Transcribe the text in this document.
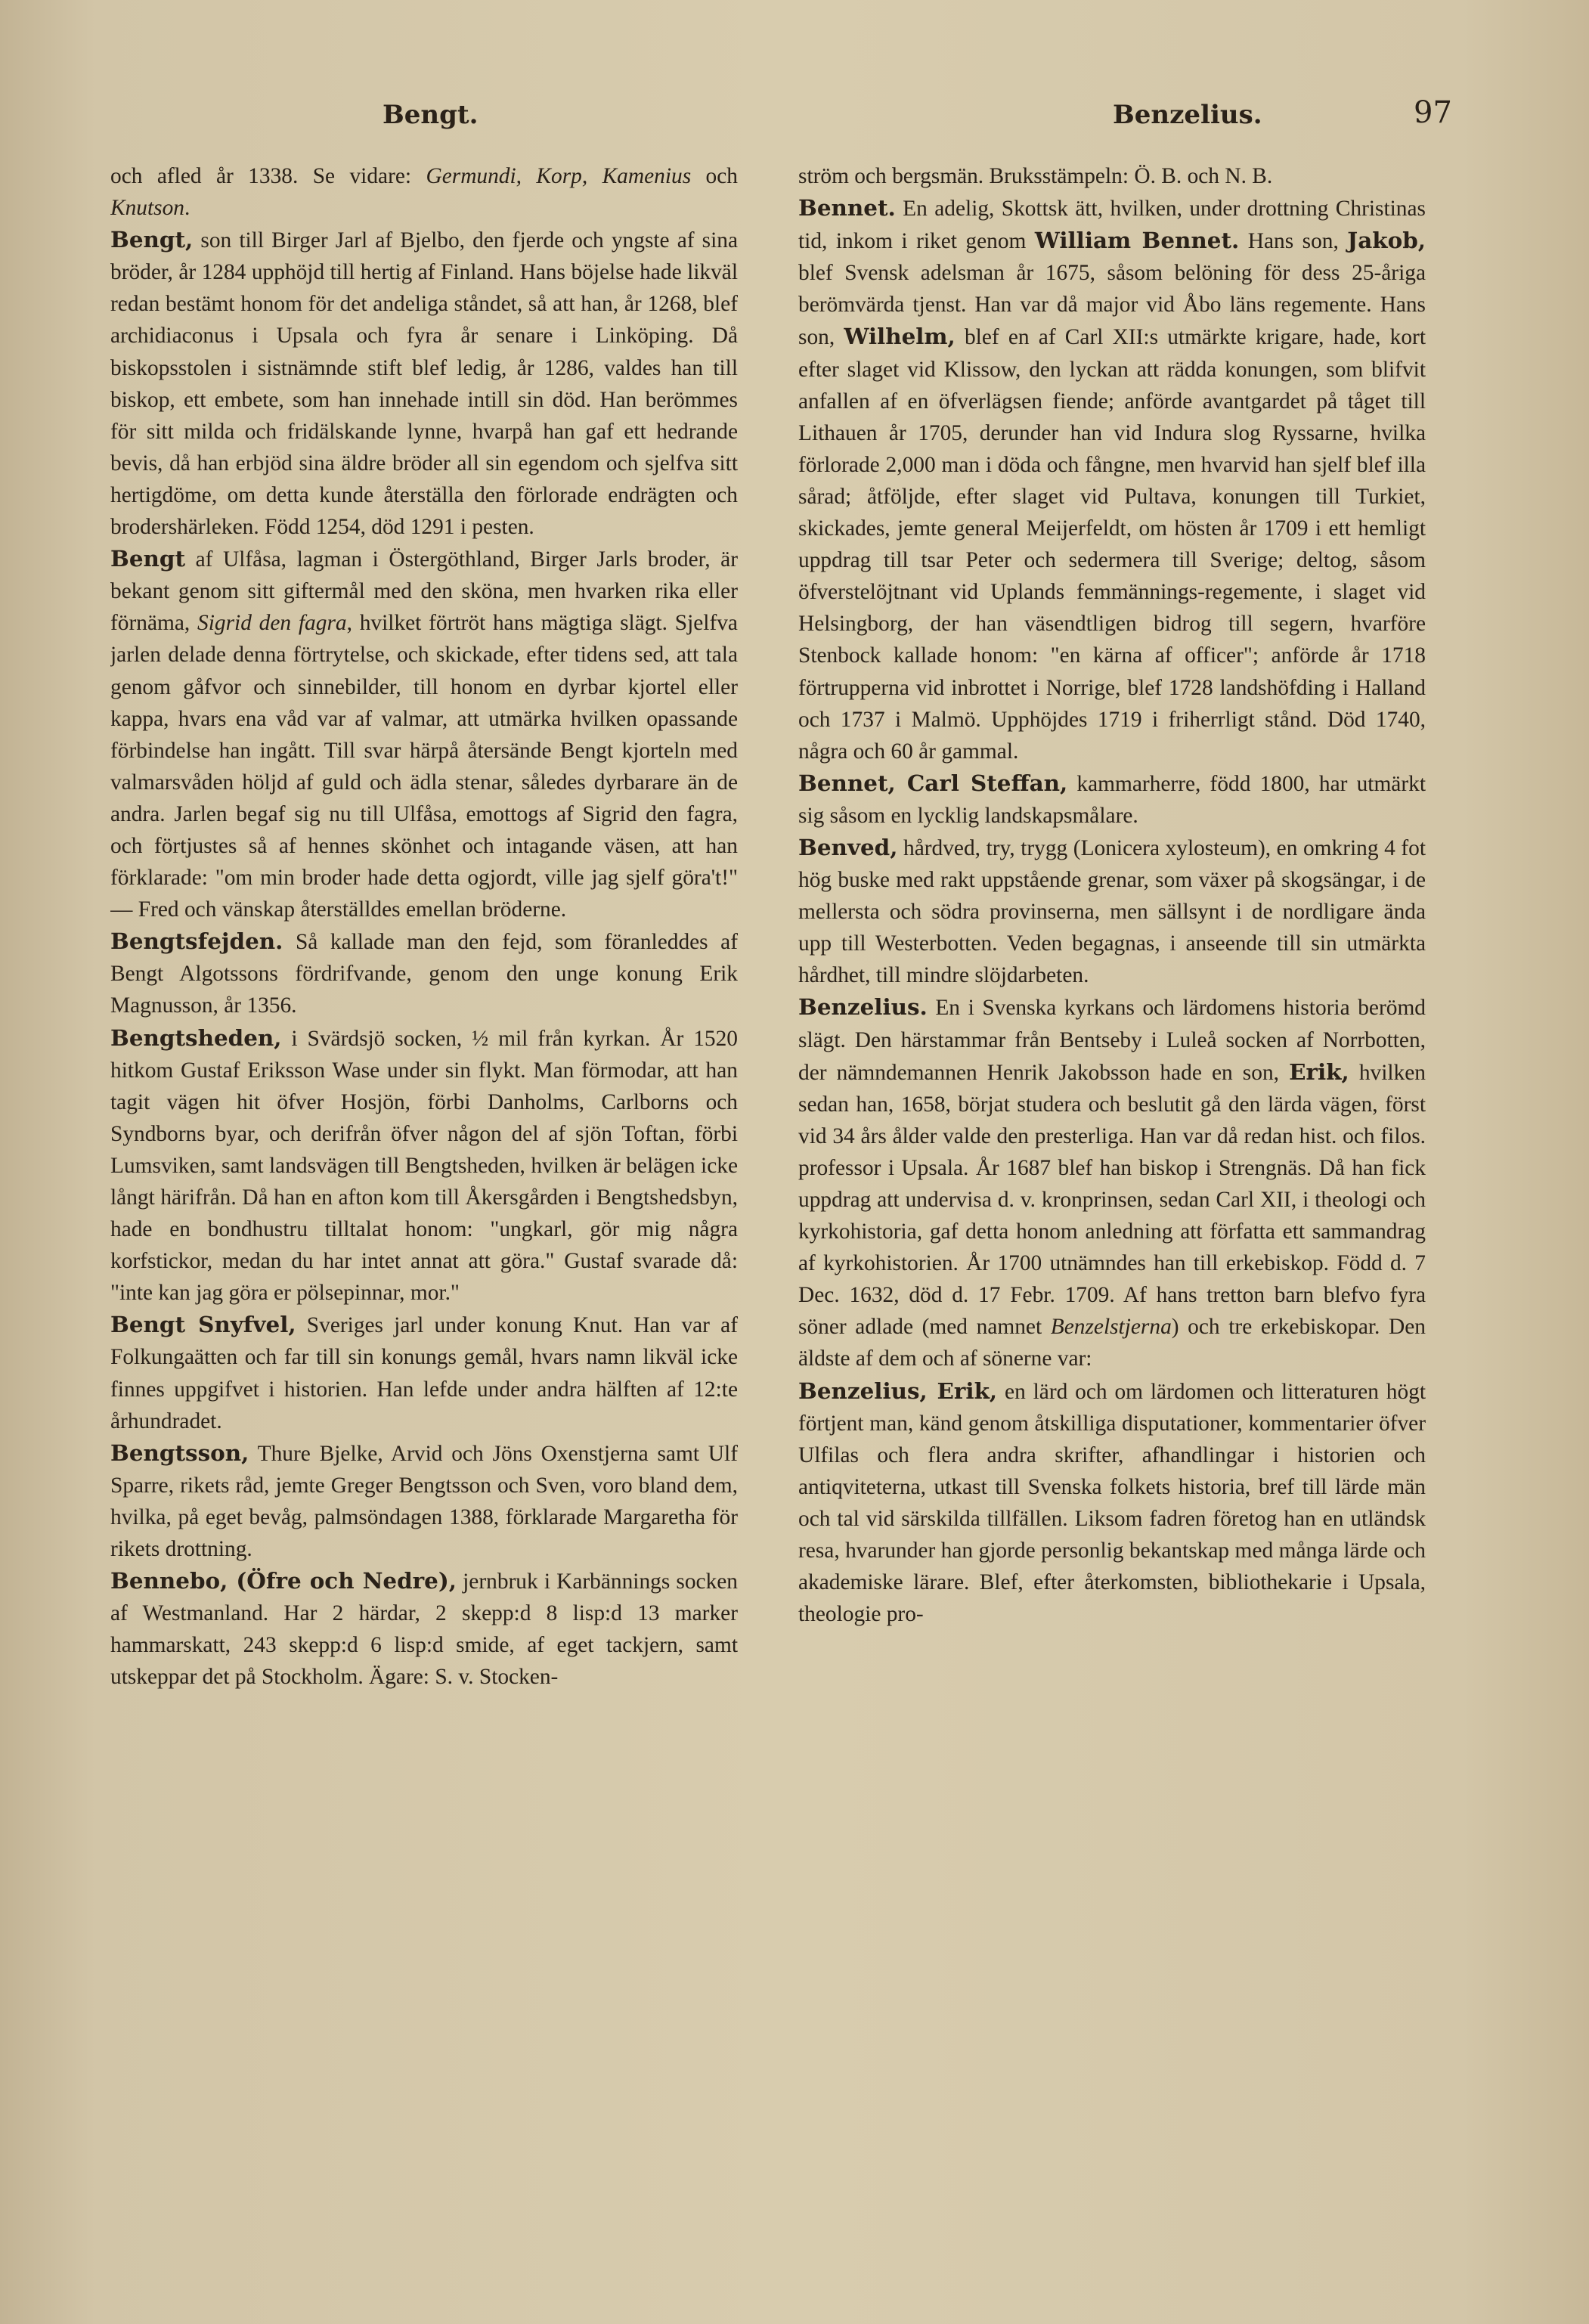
Bengt.	Benzelius.	97

och afled år 1338. Se vidare: Germundi, Korp, Kamenius och Knutson.

Bengt, son till Birger Jarl af Bjelbo, den fjerde och yngste af sina bröder, år 1284 upphöjd till hertig af Finland. Hans böjelse hade likväl redan bestämt honom för det andeliga ståndet, så att han, år 1268, blef archidiaconus i Upsala och fyra år senare i Linköping. Då biskopsstolen i sistnämnde stift blef ledig, år 1286, valdes han till biskop, ett embete, som han innehade intill sin död. Han berömmes för sitt milda och fridälskande lynne, hvarpå han gaf ett hedrande bevis, då han erbjöd sina äldre bröder all sin egendom och sjelfva sitt hertigdöme, om detta kunde återställa den förlorade endrägten och brodershärleken. Född 1254, död 1291 i pesten.

Bengt af Ulfåsa, lagman i Östergöthland, Birger Jarls broder, är bekant genom sitt giftermål med den sköna, men hvarken rika eller förnäma, Sigrid den fagra, hvilket förtröt hans mägtiga slägt. Sjelfva jarlen delade denna förtrytelse, och skickade, efter tidens sed, att tala genom gåfvor och sinnebilder, till honom en dyrbar kjortel eller kappa, hvars ena våd var af valmar, att utmärka hvilken opassande förbindelse han ingått. Till svar härpå återsände Bengt kjorteln med valmarsvåden höljd af guld och ädla stenar, således dyrbarare än de andra. Jarlen begaf sig nu till Ulfåsa, emottogs af Sigrid den fagra, och förtjustes så af hennes skönhet och intagande väsen, att han förklarade: "om min broder hade detta ogjordt, ville jag sjelf göra't!" — Fred och vänskap återställdes emellan bröderne.

Bengtsfejden. Så kallade man den fejd, som föranleddes af Bengt Algotssons fördrifvande, genom den unge konung Erik Magnusson, år 1356.

Bengtsheden, i Svärdsjö socken, ½ mil från kyrkan. År 1520 hitkom Gustaf Eriksson Wase under sin flykt. Man förmodar, att han tagit vägen hit öfver Hosjön, förbi Danholms, Carlborns och Syndborns byar, och derifrån öfver någon del af sjön Toftan, förbi Lumsviken, samt landsvägen till Bengtsheden, hvilken är belägen icke långt härifrån. Då han en afton kom till Åkersgården i Bengtshedsbyn, hade en bondhustru tilltalat honom: "ungkarl, gör mig några korfstickor, medan du har intet annat att göra." Gustaf svarade då: "inte kan jag göra er pölsepinnar, mor."

Bengt Snyfvel, Sveriges jarl under konung Knut. Han var af Folkungaätten och far till sin konungs gemål, hvars namn likväl icke finnes uppgifvet i historien. Han lefde under andra hälften af 12:te århundradet.

Bengtsson, Thure Bjelke, Arvid och Jöns Oxenstjerna samt Ulf Sparre, rikets råd, jemte Greger Bengtsson och Sven, voro bland dem, hvilka, på eget bevåg, palmsöndagen 1388, förklarade Margaretha för rikets drottning.

Bennebo, (Öfre och Nedre), jernbruk i Karbännings socken af Westmanland. Har 2 härdar, 2 skepp:d 8 lisp:d 13 marker hammarskatt, 243 skepp:d 6 lisp:d smide, af eget tackjern, samt utskeppar det på Stockholm. Ägare: S. v. Stocken-

ström och bergsmän. Bruksstämpeln: Ö. B. och N. B.

Bennet. En adelig, Skottsk ätt, hvilken, under drottning Christinas tid, inkom i riket genom William Bennet. Hans son, Jakob, blef Svensk adelsman år 1675, såsom belöning för dess 25-åriga berömvärda tjenst. Han var då major vid Åbo läns regemente. Hans son, Wilhelm, blef en af Carl XII:s utmärkte krigare, hade, kort efter slaget vid Klissow, den lyckan att rädda konungen, som blifvit anfallen af en öfverlägsen fiende; anförde avantgardet på tåget till Lithauen år 1705, derunder han vid Indura slog Ryssarne, hvilka förlorade 2,000 man i döda och fångne, men hvarvid han sjelf blef illa sårad; åtföljde, efter slaget vid Pultava, konungen till Turkiet, skickades, jemte general Meijerfeldt, om hösten år 1709 i ett hemligt uppdrag till tsar Peter och sedermera till Sverige; deltog, såsom öfverstelöjtnant vid Uplands femmännings-regemente, i slaget vid Helsingborg, der han väsendtligen bidrog till segern, hvarföre Stenbock kallade honom: "en kärna af officer"; anförde år 1718 förtrupperna vid inbrottet i Norrige, blef 1728 landshöfding i Halland och 1737 i Malmö. Upphöjdes 1719 i friherrligt stånd. Död 1740, några och 60 år gammal.

Bennet, Carl Steffan, kammarherre, född 1800, har utmärkt sig såsom en lycklig landskapsmålare.

Benved, hårdved, try, trygg (Lonicera xylosteum), en omkring 4 fot hög buske med rakt uppstående grenar, som växer på skogsängar, i de mellersta och södra provinserna, men sällsynt i de nordligare ända upp till Westerbotten. Veden begagnas, i anseende till sin utmärkta hårdhet, till mindre slöjdarbeten.

Benzelius. En i Svenska kyrkans och lärdomens historia berömd slägt. Den härstammar från Bentseby i Luleå socken af Norrbotten, der nämndemannen Henrik Jakobsson hade en son, Erik, hvilken sedan han, 1658, börjat studera och beslutit gå den lärda vägen, först vid 34 års ålder valde den presterliga. Han var då redan hist. och filos. professor i Upsala. År 1687 blef han biskop i Strengnäs. Då han fick uppdrag att undervisa d. v. kronprinsen, sedan Carl XII, i theologi och kyrkohistoria, gaf detta honom anledning att författa ett sammandrag af kyrkohistorien. År 1700 utnämndes han till erkebiskop. Född d. 7 Dec. 1632, död d. 17 Febr. 1709. Af hans tretton barn blefvo fyra söner adlade (med namnet Benzelstjerna) och tre erkebiskopar. Den äldste af dem och af sönerne var:

Benzelius, Erik, en lärd och om lärdomen och litteraturen högt förtjent man, känd genom åtskilliga disputationer, kommentarier öfver Ulfilas och flera andra skrifter, afhandlingar i historien och antiqviteterna, utkast till Svenska folkets historia, bref till lärde män och tal vid särskilda tillfällen. Liksom fadren företog han en utländsk resa, hvarunder han gjorde personlig bekantskap med många lärde och akademiske lärare. Blef, efter återkomsten, bibliothekarie i Upsala, theologie pro-
